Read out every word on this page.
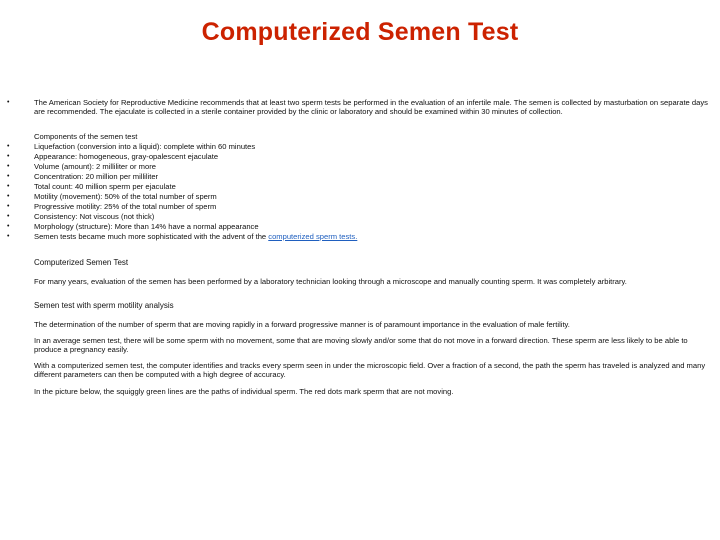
Computerized Semen Test
•	The American Society for Reproductive Medicine recommends that at least two sperm tests be performed in the evaluation of an infertile male. The semen is collected by masturbation on separate days are recommended. The ejaculate is collected in a sterile container provided by the clinic or laboratory and should be examined within 30 minutes of collection.
Components of the semen test
•	Liquefaction (conversion into a liquid): complete within 60 minutes
•	Appearance: homogeneous, gray-opalescent ejaculate
•	Volume (amount): 2 milliliter or more
•	Concentration: 20 million per milliliter
•	Total count: 40 million sperm per ejaculate
•	Motility (movement): 50% of the total number of sperm
•	Progressive motility: 25% of the total number of sperm
•	Consistency: Not viscous (not thick)
•	Morphology (structure): More than 14% have a normal appearance
•	Semen tests became much more sophisticated with the advent of the computerized sperm tests.
Computerized Semen Test
For many years, evaluation of the semen has been performed by a laboratory technician looking through a microscope and manually counting sperm. It was completely arbitrary.
Semen test with sperm motility analysis
The determination of the number of sperm that are moving rapidly in a forward progressive manner is of paramount importance in the evaluation of male fertility.
In an average semen test, there will be some sperm with no movement, some that are moving slowly and/or some that do not move in a forward direction. These sperm are less likely to be able to produce a pregnancy easily.
With a computerized semen test, the computer identifies and tracks every sperm seen in under the microscopic field. Over a fraction of a second, the path the sperm has traveled is analyzed and many different parameters can then be computed with a high degree of accuracy.
In the picture below, the squiggly green lines are the paths of individual sperm. The red dots mark sperm that are not moving.
